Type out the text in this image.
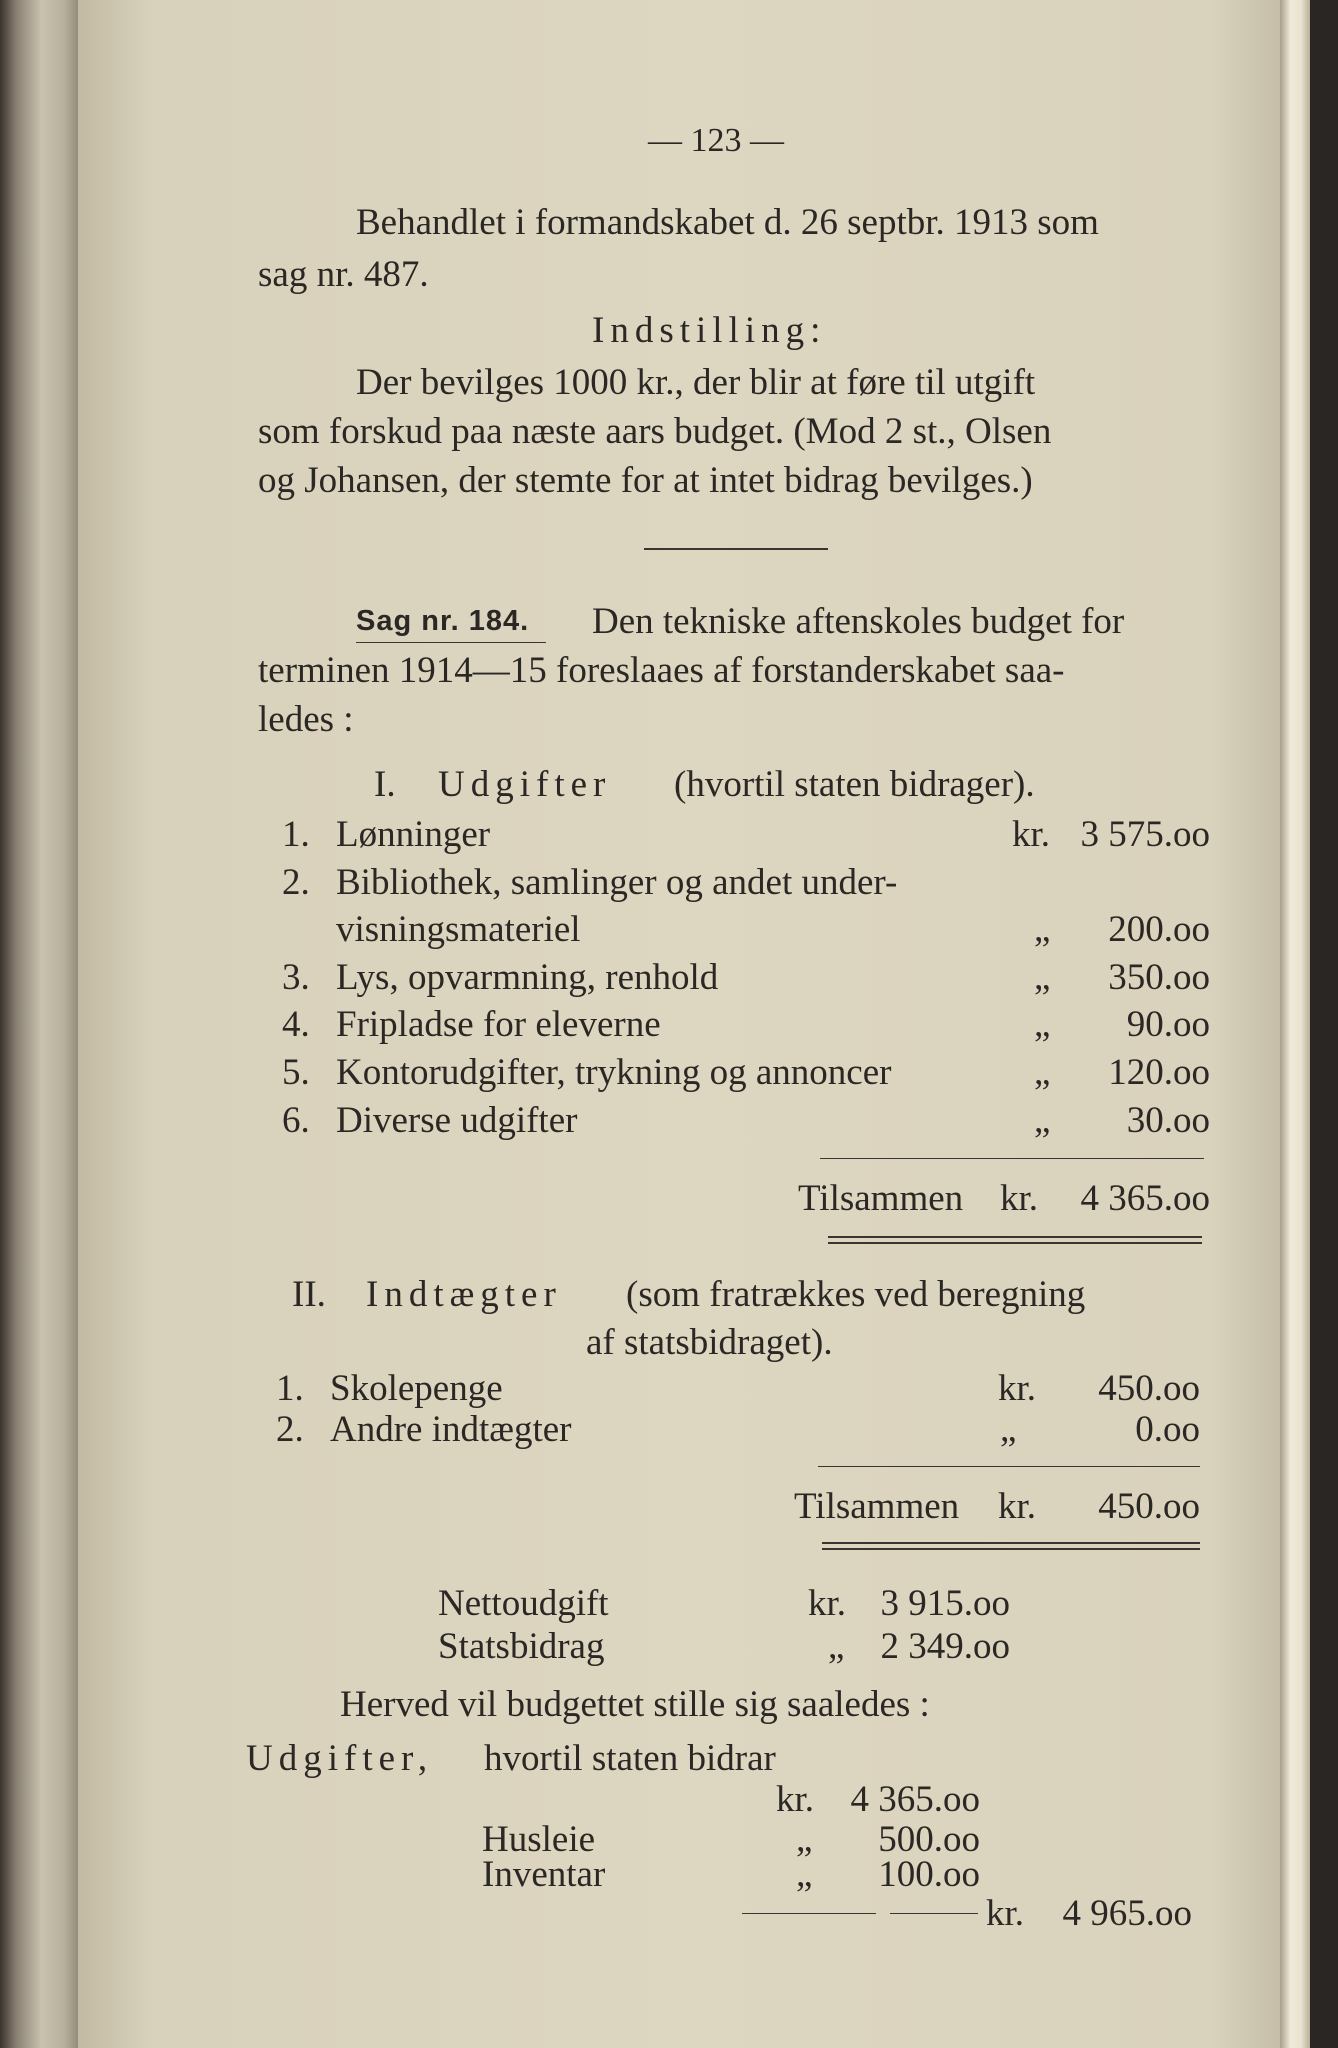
— 123 —
Behandlet i formandskabet d. 26 septbr. 1913 som
sag nr. 487.
Indstilling:
Der bevilges 1000 kr., der blir at føre til utgift
som forskud paa næste aars budget. (Mod 2 st., Olsen
og Johansen, der stemte for at intet bidrag bevilges.)
Sag nr. 184. Den tekniske aftenskoles budget for
terminen 1914—15 foreslaaes af forstanderskabet saa-
ledes :
I. Udgifter (hvortil staten bidrager).
1. Lønninger	kr. 3 575.oo
2. Bibliothek, samlinger og andet under-
visningsmateriel	„	200.oo
3. Lys, opvarmning, renhold	„	350.oo
4. Fripladse for eleverne	„	90.oo
5. Kontorudgifter, trykning og annoncer	„	120.oo
6. Diverse udgifter	„	30.oo
Tilsammen kr.	4 365.oo
II. Indtægter (som fratrækkes ved beregning
af statsbidraget).
1. Skolepenge	kr.	450.oo
2. Andre indtægter	„	0.oo
Tilsammen kr.	450.oo
Nettoudgift	kr. 3 915.oo
Statsbidrag	„ 2 349.oo
Herved vil budgettet stille sig saaledes :
Udgifter, hvortil staten bidrar
kr. 4 365.oo
Husleie	„	500.oo
Inventar	„	100.oo
kr.	4 965.oo
